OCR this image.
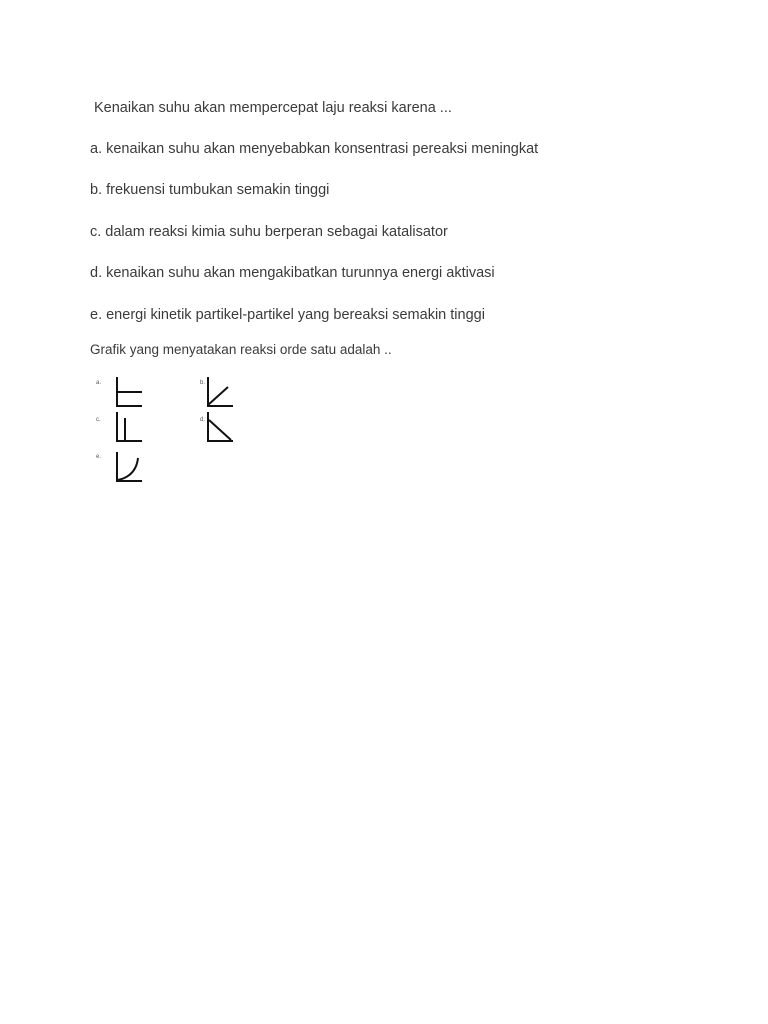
Kenaikan suhu akan mempercepat laju reaksi karena ...
a. kenaikan suhu akan menyebabkan konsentrasi pereaksi meningkat
b. frekuensi tumbukan semakin tinggi
c. dalam reaksi kimia suhu berperan sebagai katalisator
d. kenaikan suhu akan mengakibatkan turunnya energi aktivasi
e. energi kinetik partikel-partikel yang bereaksi semakin tinggi
Grafik yang menyatakan reaksi orde satu adalah ..
a.	b.
c.	d.
e.
